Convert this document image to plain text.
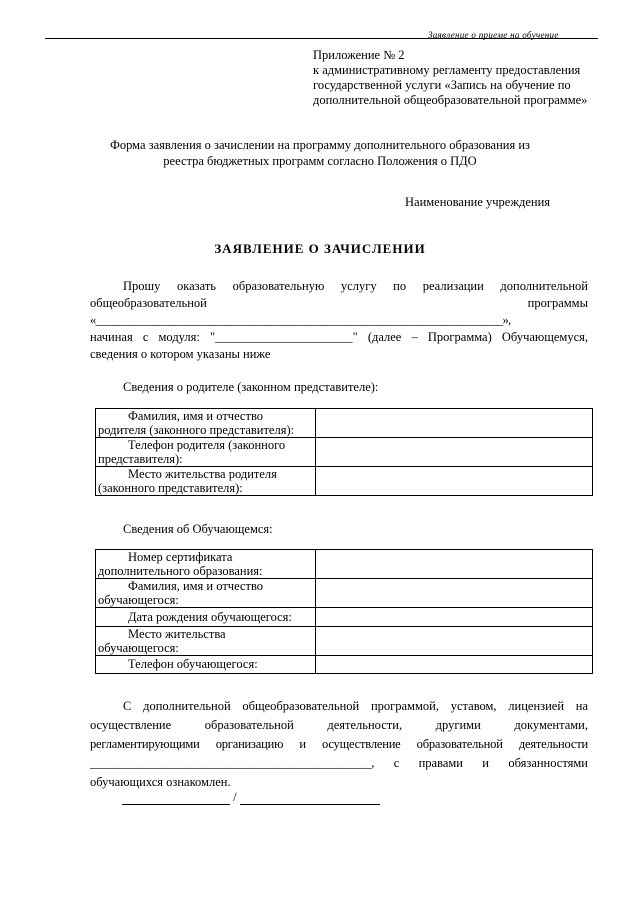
Заявление о приеме на обучение
Приложение № 2
к административному регламенту предоставления
государственной услуги «Запись на обучение по
дополнительной общеобразовательной программе»
Форма заявления о зачислении на программу дополнительного образования из
реестра бюджетных программ согласно Положения о ПДО
Наименование учреждения
ЗАЯВЛЕНИЕ О ЗАЧИСЛЕНИИ
Прошу оказать образовательную услугу по реализации дополнительной
общеобразовательной программы
«________________________________________________________________________»,
начиная с модуля: "______________________" (далее – Программа) Обучающемуся,
сведения о котором указаны ниже
Сведения о родителе (законном представителе):
Фамилия, имя и отчество
родителя (законного представителя):	

Телефон родителя (законного
представителя):	

Место жительства родителя
(законного представителя):	
Сведения об Обучающемся:
Номер сертификата
дополнительного образования:	

Фамилия, имя и отчество
обучающегося:	

Дата рождения обучающегося:	

Место жительства
обучающегося:	

Телефон обучающегося:	

С дополнительной общеобразовательной программой, уставом, лицензией на
осуществление образовательной деятельности, другими документами,
регламентирующими организацию и осуществление образовательной деятельности
_____________________________________________, с правами и обязанностями
обучающихся ознакомлен.
/
